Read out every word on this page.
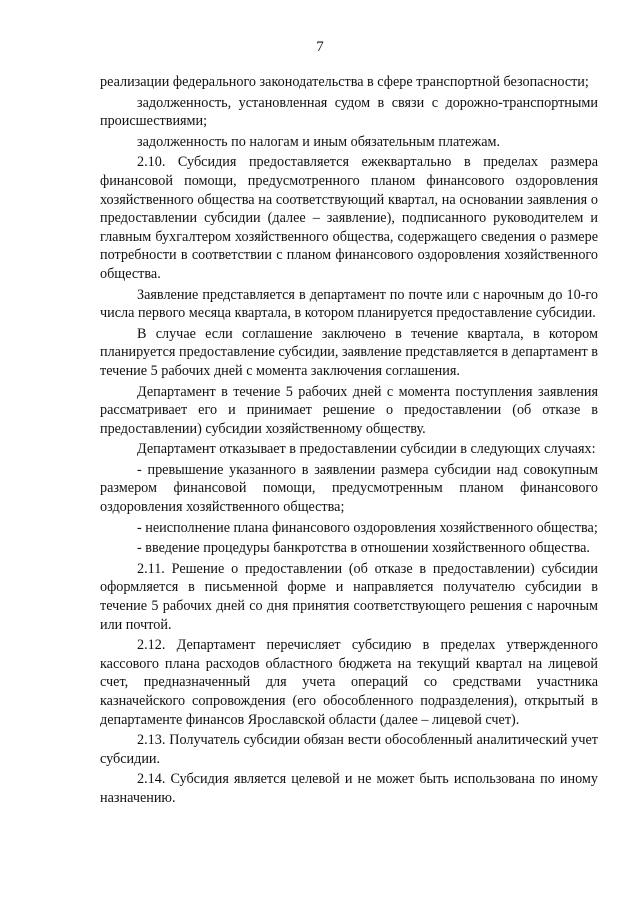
7

реализации федерального законодательства в сфере транспортной безопасности;

задолженность, установленная судом в связи с дорожно-транспортными происшествиями;

задолженность по налогам и иным обязательным платежам.

2.10. Субсидия предоставляется ежеквартально в пределах размера финансовой помощи, предусмотренного планом финансового оздоровления хозяйственного общества на соответствующий квартал, на основании заявления о предоставлении субсидии (далее – заявление), подписанного руководителем и главным бухгалтером хозяйственного общества, содержащего сведения о размере потребности в соответствии с планом финансового оздоровления хозяйственного общества.

Заявление представляется в департамент по почте или с нарочным до 10-го числа первого месяца квартала, в котором планируется предоставление субсидии.

В случае если соглашение заключено в течение квартала, в котором планируется предоставление субсидии, заявление представляется в департамент в течение 5 рабочих дней с момента заключения соглашения.

Департамент в течение 5 рабочих дней с момента поступления заявления рассматривает его и принимает решение о предоставлении (об отказе в предоставлении) субсидии хозяйственному обществу.

Департамент отказывает в предоставлении субсидии в следующих случаях:

- превышение указанного в заявлении размера субсидии над совокупным размером финансовой помощи, предусмотренным планом финансового оздоровления хозяйственного общества;

- неисполнение плана финансового оздоровления хозяйственного общества;

- введение процедуры банкротства в отношении хозяйственного общества.

2.11. Решение о предоставлении (об отказе в предоставлении) субсидии оформляется в письменной форме и направляется получателю субсидии в течение 5 рабочих дней со дня принятия соответствующего решения с нарочным или почтой.

2.12. Департамент перечисляет субсидию в пределах утвержденного кассового плана расходов областного бюджета на текущий квартал на лицевой счет, предназначенный для учета операций со средствами участника казначейского сопровождения (его обособленного подразделения), открытый в департаменте финансов Ярославской области (далее – лицевой счет).

2.13. Получатель субсидии обязан вести обособленный аналитический учет субсидии.

2.14. Субсидия является целевой и не может быть использована по иному назначению.
